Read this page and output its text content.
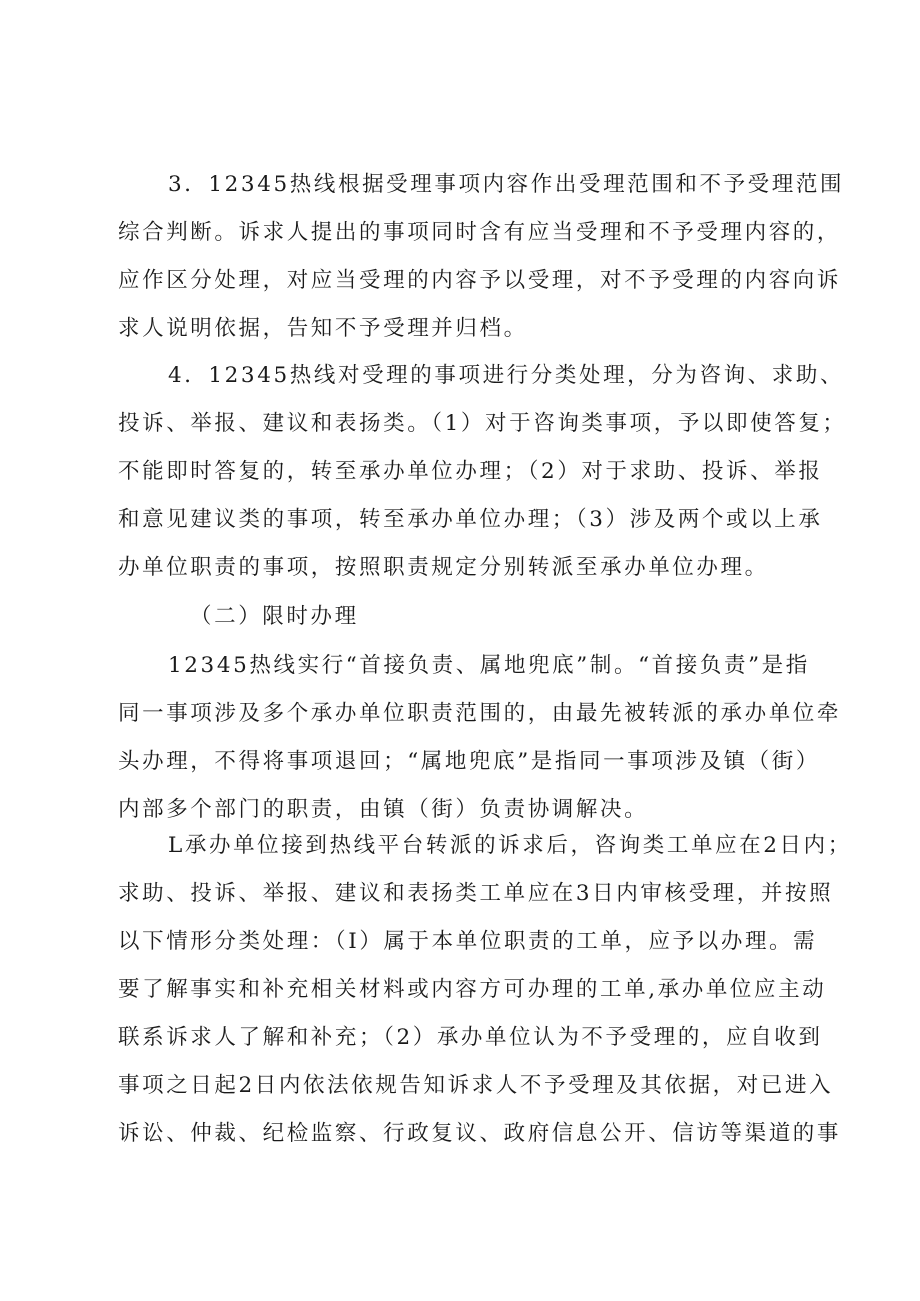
3．12345热线根据受理事项内容作出受理范围和不予受理范围
综合判断。诉求人提出的事项同时含有应当受理和不予受理内容的，
应作区分处理，对应当受理的内容予以受理，对不予受理的内容向诉
求人说明依据，告知不予受理并归档。
4．12345热线对受理的事项进行分类处理，分为咨询、求助、
投诉、举报、建议和表扬类。（1）对于咨询类事项，予以即使答复；
不能即时答复的，转至承办单位办理；（2）对于求助、投诉、举报
和意见建议类的事项，转至承办单位办理；（3）涉及两个或以上承
办单位职责的事项，按照职责规定分别转派至承办单位办理。
（二）限时办理
12345热线实行“首接负责、属地兜底”制。“首接负责”是指
同一事项涉及多个承办单位职责范围的，由最先被转派的承办单位牵
头办理，不得将事项退回；“属地兜底”是指同一事项涉及镇（街）
内部多个部门的职责，由镇（街）负责协调解决。
L承办单位接到热线平台转派的诉求后，咨询类工单应在2日内；
求助、投诉、举报、建议和表扬类工单应在3日内审核受理，并按照
以下情形分类处理：（I）属于本单位职责的工单，应予以办理。需
要了解事实和补充相关材料或内容方可办理的工单,承办单位应主动
联系诉求人了解和补充；（2）承办单位认为不予受理的，应自收到
事项之日起2日内依法依规告知诉求人不予受理及其依据，对已进入
诉讼、仲裁、纪检监察、行政复议、政府信息公开、信访等渠道的事
